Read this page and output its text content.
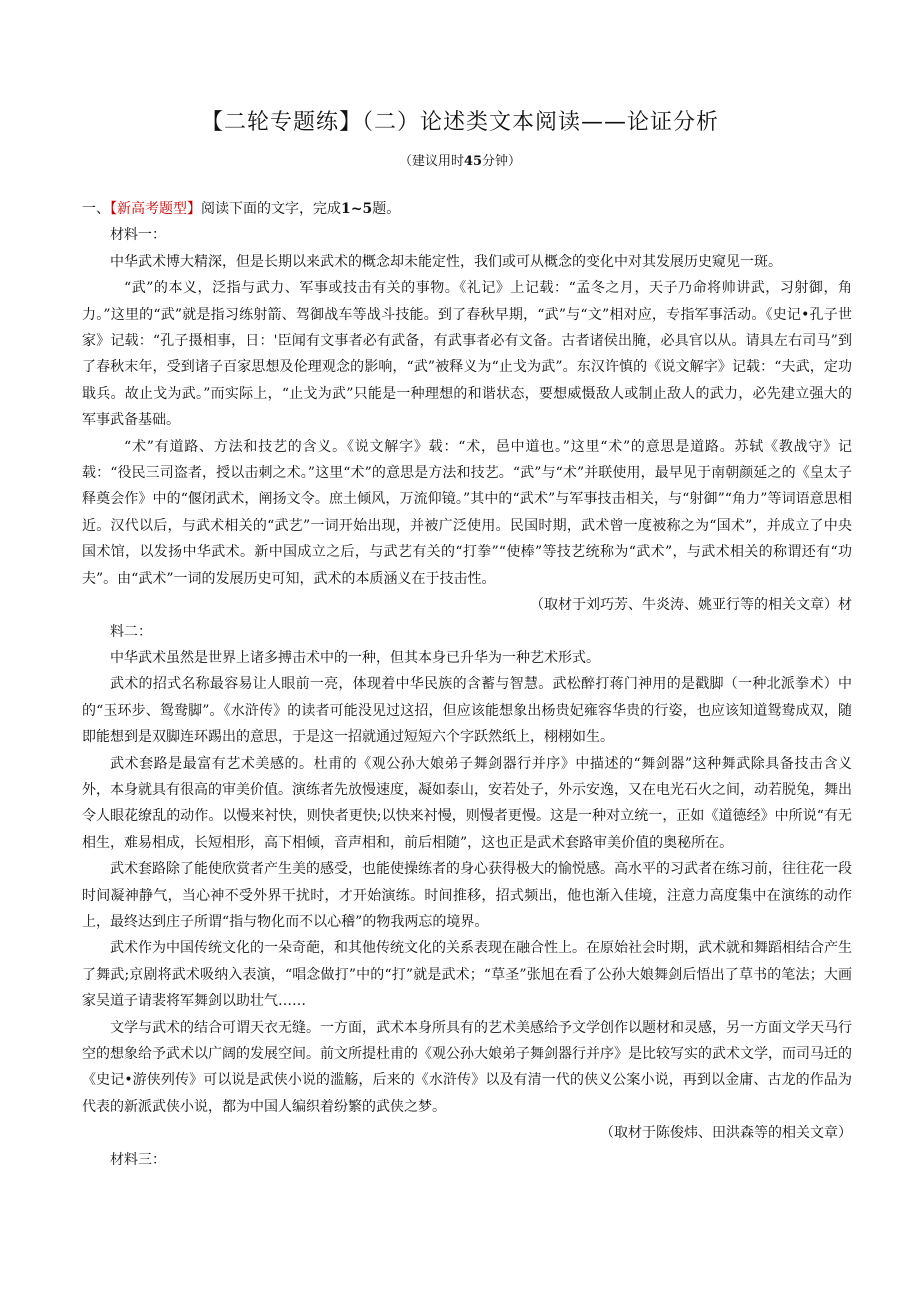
【二轮专题练】（二）论述类文本阅读——论证分析
（建议用时45分钟）

一、【新高考题型】阅读下面的文字，完成1~5题。

材料一：

中华武术博大精深，但是长期以来武术的概念却未能定性，我们或可从概念的变化中对其发展历史窥见一斑。

“武”的本义，泛指与武力、军事或技击有关的事物。《礼记》上记载：“孟冬之月，天子乃命将帅讲武，习射御，角力。”这里的“武”就是指习练射箭、驾御战车等战斗技能。到了春秋早期，“武”与“文”相对应，专指军事活动。《史记•孔子世家》记载：“孔子摄相事，日：'臣闻有文事者必有武备，有武事者必有文备。古者诸侯出腌，必具官以从。请具左右司马”到了春秋末年，受到诸子百家思想及伦理观念的影响，“武”被释义为“止戈为武”。东汉许慎的《说文解字》记载：“夫武，定功戢兵。故止戈为武。”而实际上，“止戈为武”只能是一种理想的和谐状态，要想威慑敌人或制止敌人的武力，必先建立强大的军事武备基础。

“术”有道路、方法和技艺的含义。《说文解字》载：“术，邑中道也。”这里“术”的意思是道路。苏轼《教战守》记载：“役民三司盗者，授以击刺之术。”这里“术”的意思是方法和技艺。“武”与“术”并联使用，最早见于南朝颜延之的《皇太子释奠会作》中的“偃闭武术，阐扬文令。庶土倾风，万流仰镜。”其中的“武术”与军事技击相关，与“射御”“角力”等词语意思相近。汉代以后，与武术相关的“武艺”一词开始出现，并被广泛使用。民国时期，武术曾一度被称之为“国术”，并成立了中央国术馆，以发扬中华武术。新中国成立之后，与武艺有关的“打拳”“使棒”等技艺统称为“武术”，与武术相关的称谓还有“功夫”。由“武术”一词的发展历史可知，武术的本质涵义在于技击性。

（取材于刘巧芳、牛炎涛、姚亚行等的相关文章）材

料二：

中华武术虽然是世界上诸多搏击术中的一种，但其本身已升华为一种艺术形式。

武术的招式名称最容易让人眼前一亮，体现着中华民族的含蓄与智慧。武松醉打蒋门神用的是戳脚（一种北派拳术）中的“玉环步、鸳鸯脚”。《水浒传》的读者可能没见过这招，但应该能想象出杨贵妃雍容华贵的行姿，也应该知道鸳鸯成双，随即能想到是双脚连环踢出的意思，于是这一招就通过短短六个字跃然纸上，栩栩如生。

武术套路是最富有艺术美感的。杜甫的《观公孙大娘弟子舞剑器行并序》中描述的“舞剑器”这种舞武除具备技击含义外，本身就具有很高的审美价值。演练者先放慢速度，凝如泰山，安若处子，外示安逸，又在电光石火之间，动若脱兔，舞出令人眼花缭乱的动作。以慢来衬快，则快者更快;以快来衬慢，则慢者更慢。这是一种对立统一，正如《道德经》中所说“有无相生，难易相成，长短相形，高下相倾，音声相和，前后相随”，这也正是武术套路审美价值的奥秘所在。

武术套路除了能使欣赏者产生美的感受，也能使操练者的身心获得极大的愉悦感。高水平的习武者在练习前，往往花一段时间凝神静气，当心神不受外界干扰时，才开始演练。时间推移，招式频出，他也渐入佳境，注意力高度集中在演练的动作上，最终达到庄子所谓“指与物化而不以心稽”的物我两忘的境界。

武术作为中国传统文化的一朵奇葩，和其他传统文化的关系表现在融合性上。在原始社会时期，武术就和舞蹈相结合产生了舞武;京剧将武术吸纳入表演，“唱念做打”中的“打”就是武术；“草圣”张旭在看了公孙大娘舞剑后悟出了草书的笔法；大画家吴道子请裴将军舞剑以助壮气……

文学与武术的结合可谓天衣无缝。一方面，武术本身所具有的艺术美感给予文学创作以题材和灵感，另一方面文学天马行空的想象给予武术以广阔的发展空间。前文所提杜甫的《观公孙大娘弟子舞剑器行并序》是比较写实的武术文学，而司马迁的《史记•游侠列传》可以说是武侠小说的滥觞，后来的《水浒传》以及有清一代的侠义公案小说，再到以金庸、古龙的作品为代表的新派武侠小说，都为中国人编织着纷繁的武侠之梦。

（取材于陈俊炜、田洪森等的相关文章）

材料三：
